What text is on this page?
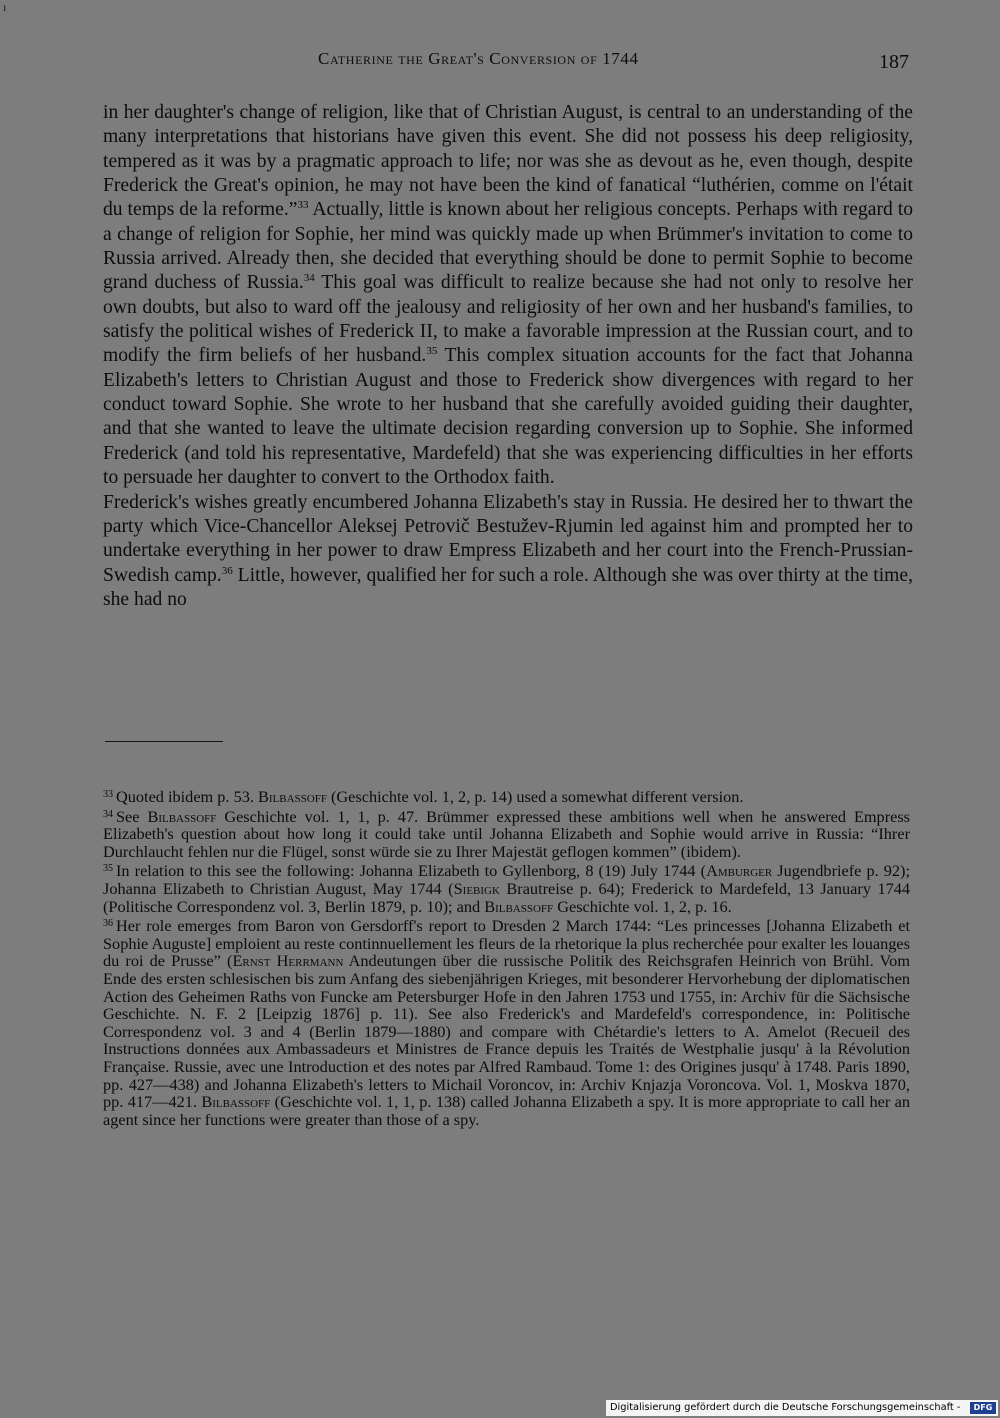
ı
Catherine the Great's Conversion of 1744	187

in her daughter's change of religion, like that of Christian August, is central to an understanding of the many interpretations that historians have given this event. She did not possess his deep religiosity, tempered as it was by a pragmatic approach to life; nor was she as devout as he, even though, despite Frederick the Great's opinion, he may not have been the kind of fanatical “luthérien, comme on l'était du temps de la reforme.”$^{33}$ Actually, little is known about her religious concepts. Perhaps with regard to a change of religion for Sophie, her mind was quickly made up when Brümmer's invitation to come to Russia arrived. Already then, she decided that everything should be done to permit Sophie to become grand duchess of Russia.$^{34}$ This goal was difficult to realize because she had not only to resolve her own doubts, but also to ward off the jealousy and religiosity of her own and her husband's families, to satisfy the political wishes of Frederick II, to make a favorable impression at the Russian court, and to modify the firm beliefs of her husband.$^{35}$ This complex situation accounts for the fact that Johanna Elizabeth's letters to Christian August and those to Frederick show divergences with regard to her conduct toward Sophie. She wrote to her husband that she carefully avoided guiding their daughter, and that she wanted to leave the ultimate decision regarding conversion up to Sophie. She informed Frederick (and told his representative, Mardefeld) that she was experiencing difficulties in her efforts to persuade her daughter to convert to the Orthodox faith.

Frederick's wishes greatly encumbered Johanna Elizabeth's stay in Russia. He desired her to thwart the party which Vice-Chancellor Aleksej Petrovič Bestužev-Rjumin led against him and prompted her to undertake everything in her power to draw Empress Elizabeth and her court into the French-Prussian-Swedish camp.$^{36}$ Little, however, qualified her for such a role. Although she was over thirty at the time, she had no

$^{33}$ Quoted ibidem p. 53. Bilbassoff (Geschichte vol. 1, 2, p. 14) used a somewhat different version.

$^{34}$ See Bilbassoff Geschichte vol. 1, 1, p. 47. Brümmer expressed these ambitions well when he answered Empress Elizabeth's question about how long it could take until Johanna Elizabeth and Sophie would arrive in Russia: “Ihrer Durchlaucht fehlen nur die Flügel, sonst würde sie zu Ihrer Majestät geflogen kommen” (ibidem).

$^{35}$ In relation to this see the following: Johanna Elizabeth to Gyllenborg, 8 (19) July 1744 (Amburger Jugendbriefe p. 92); Johanna Elizabeth to Christian August, May 1744 (Siebigk Brautreise p. 64); Frederick to Mardefeld, 13 January 1744 (Politische Correspondenz vol. 3, Berlin 1879, p. 10); and Bilbassoff Geschichte vol. 1, 2, p. 16.

$^{36}$ Her role emerges from Baron von Gersdorff's report to Dresden 2 March 1744: “Les princesses [Johanna Elizabeth et Sophie Auguste] emploient au reste continnuellement les fleurs de la rhetorique la plus recherchée pour exalter les louanges du roi de Prusse” (Ernst Herrmann Andeutungen über die russische Politik des Reichsgrafen Heinrich von Brühl. Vom Ende des ersten schlesischen bis zum Anfang des siebenjährigen Krieges, mit besonderer Hervorhebung der diplomatischen Action des Geheimen Raths von Funcke am Petersburger Hofe in den Jahren 1753 und 1755, in: Archiv für die Sächsische Geschichte. N. F. 2 [Leipzig 1876] p. 11). See also Frederick's and Mardefeld's correspondence, in: Politische Correspondenz vol. 3 and 4 (Berlin 1879—1880) and compare with Chétardie's letters to A. Amelot (Recueil des Instructions données aux Ambassadeurs et Ministres de France depuis les Traités de Westphalie jusqu' à la Révolution Française. Russie, avec une Introduction et des notes par Alfred Rambaud. Tome 1: des Origines jusqu' à 1748. Paris 1890, pp. 427—438) and Johanna Elizabeth's letters to Michail Voroncov, in: Archiv Knjazja Voroncova. Vol. 1, Moskva 1870, pp. 417—421. Bilbassoff (Geschichte vol. 1, 1, p. 138) called Johanna Elizabeth a spy. It is more appropriate to call her an agent since her functions were greater than those of a spy.

Digitalisierung gefördert durch die Deutsche Forschungsgemeinschaft -	DFG
